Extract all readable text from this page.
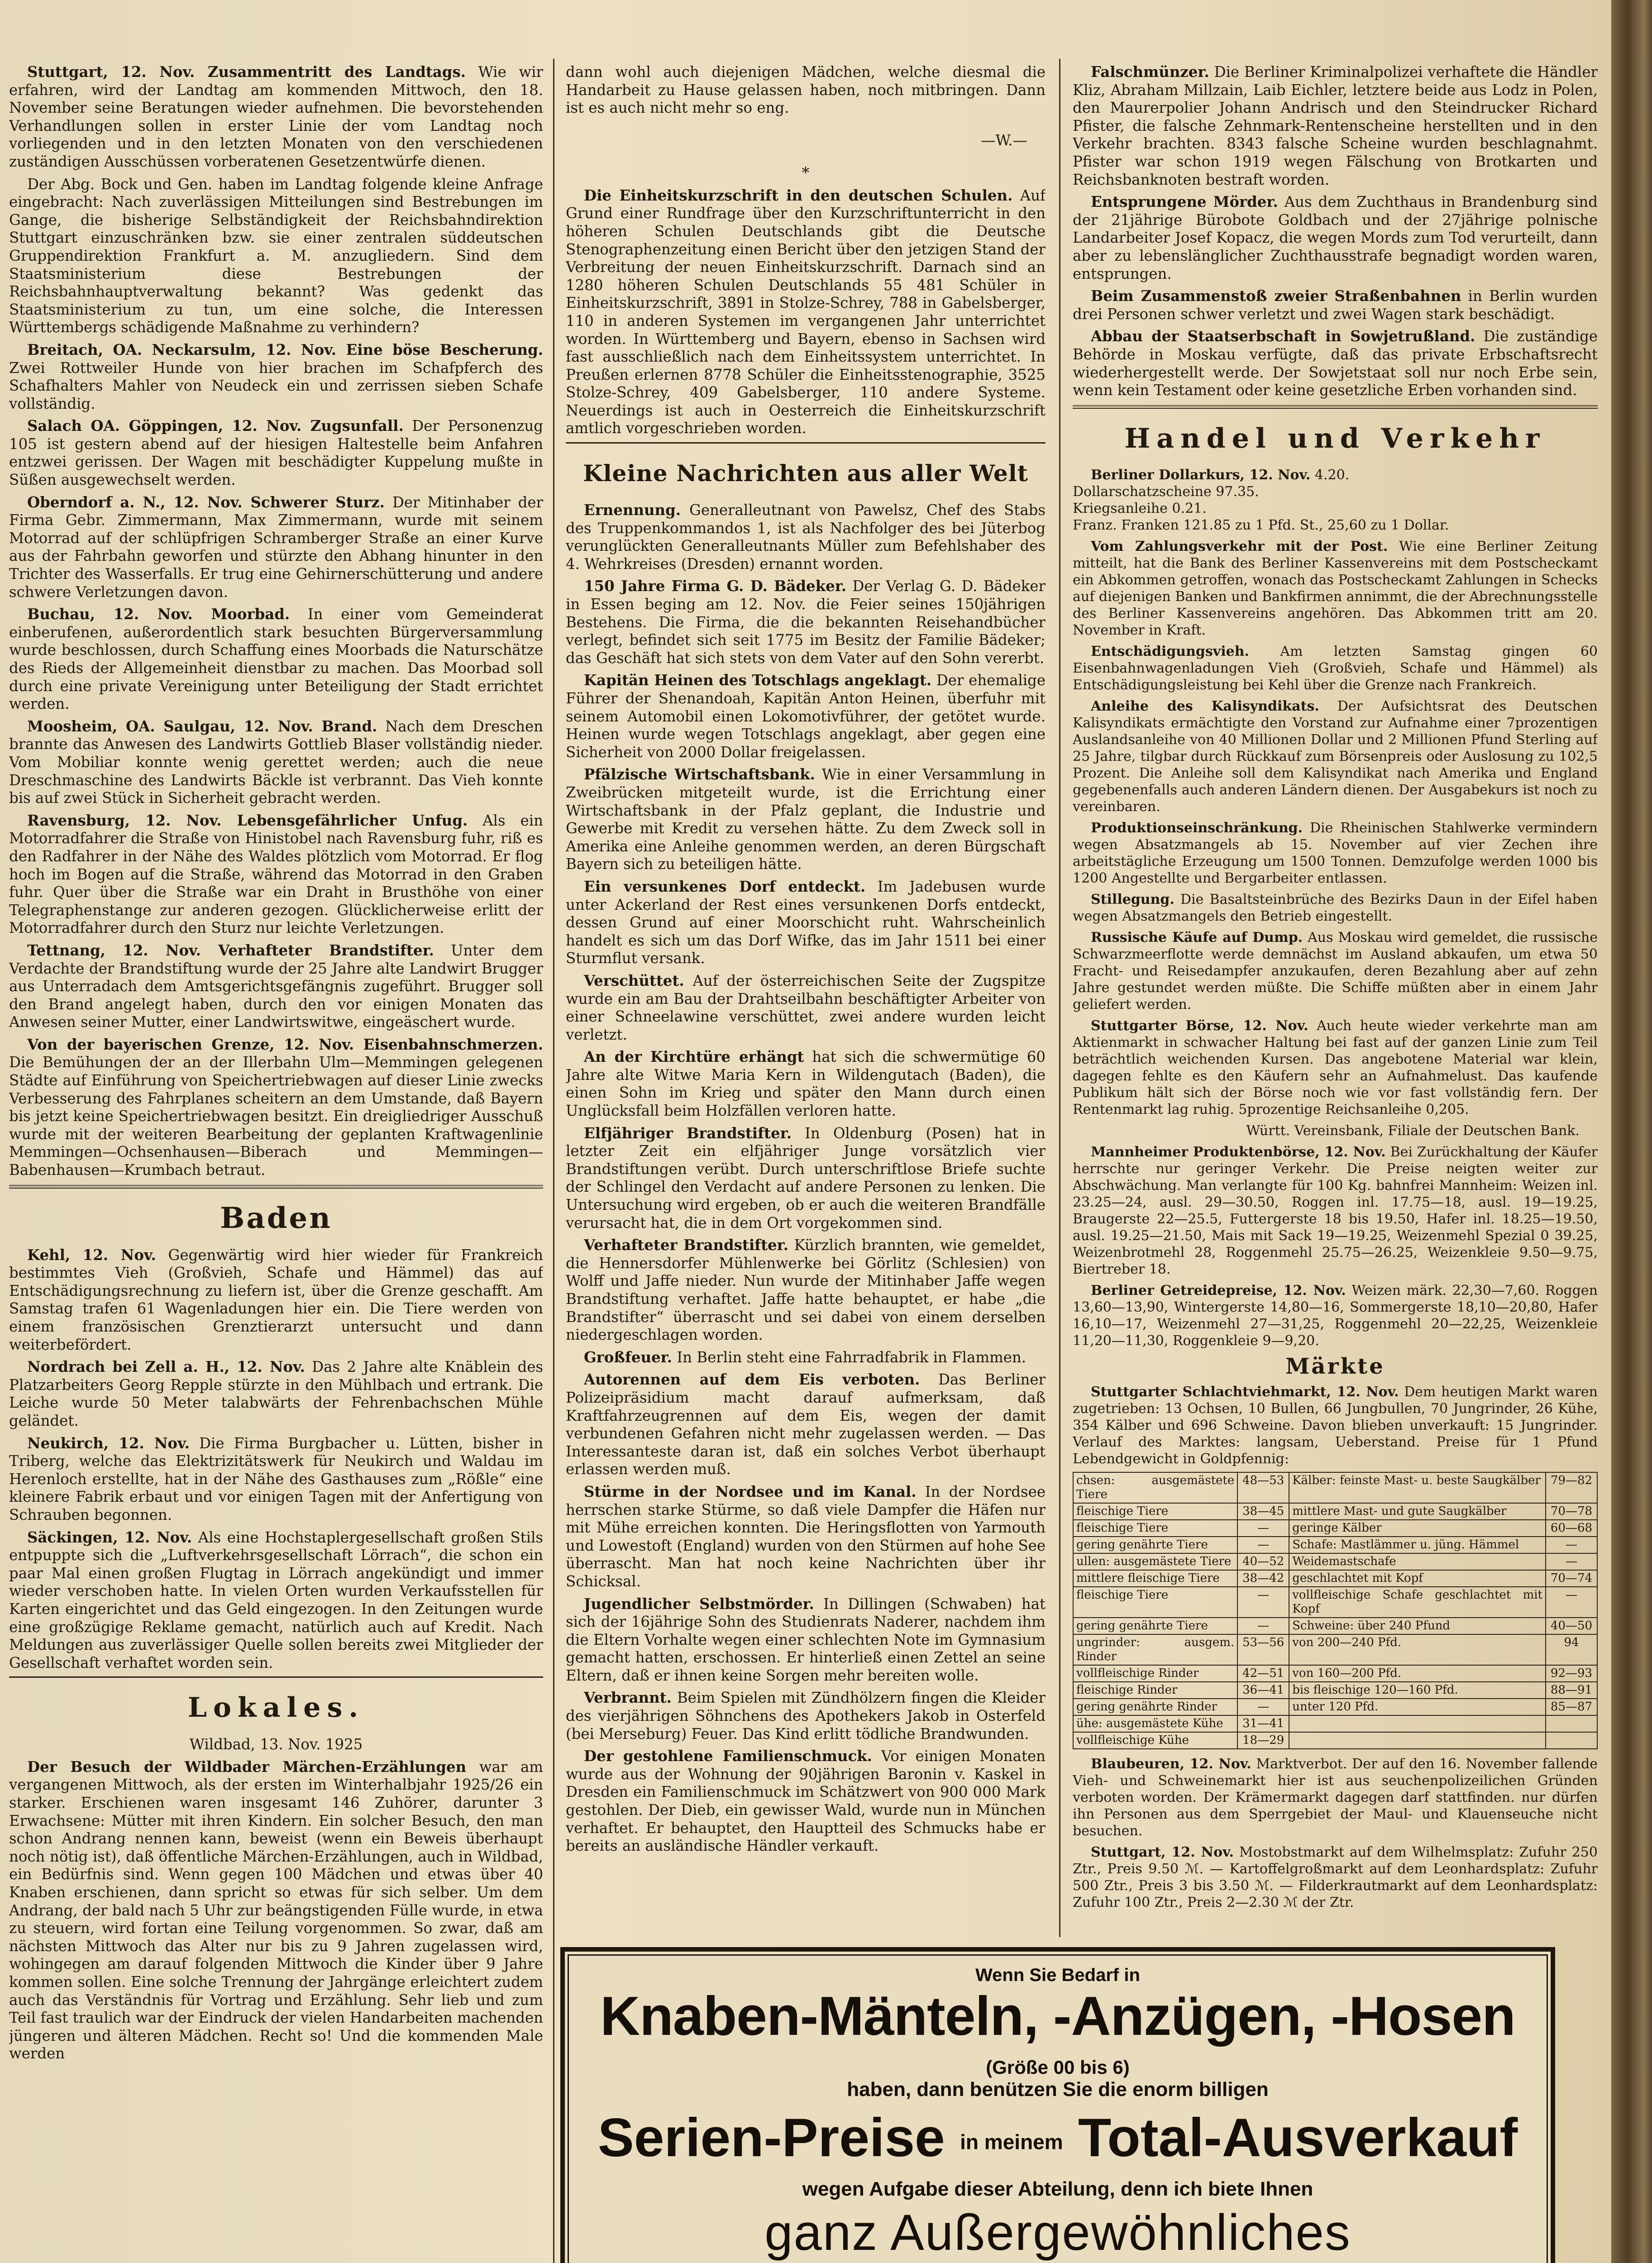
Stuttgart, 12. Nov. Zusammentritt des Landtags. Wie wir erfahren, wird der Landtag am kommenden Mittwoch, den 18. November seine Beratungen wieder aufnehmen. Die bevorstehenden Verhandlungen sollen in erster Linie der vom Landtag noch vorliegenden und in den letzten Monaten von den verschiedenen zuständigen Ausschüssen vorberatenen Gesetzentwürfe dienen.

Der Abg. Bock und Gen. haben im Landtag folgende kleine Anfrage eingebracht: Nach zuverlässigen Mitteilungen sind Bestrebungen im Gange, die bisherige Selbständigkeit der Reichsbahndirektion Stuttgart einzuschränken bzw. sie einer zentralen süddeutschen Gruppendirektion Frankfurt a. M. anzugliedern. Sind dem Staatsministerium diese Bestrebungen der Reichsbahnhauptverwaltung bekannt? Was gedenkt das Staatsministerium zu tun, um eine solche, die Interessen Württembergs schädigende Maßnahme zu verhindern?

Breitach, OA. Neckarsulm, 12. Nov. Eine böse Bescherung. Zwei Rottweiler Hunde von hier brachen im Schafpferch des Schafhalters Mahler von Neudeck ein und zerrissen sieben Schafe vollständig.

Salach OA. Göppingen, 12. Nov. Zugsunfall. Der Personenzug 105 ist gestern abend auf der hiesigen Haltestelle beim Anfahren entzwei gerissen. Der Wagen mit beschädigter Kuppelung mußte in Süßen ausgewechselt werden.

Oberndorf a. N., 12. Nov. Schwerer Sturz. Der Mitinhaber der Firma Gebr. Zimmermann, Max Zimmermann, wurde mit seinem Motorrad auf der schlüpfrigen Schramberger Straße an einer Kurve aus der Fahrbahn geworfen und stürzte den Abhang hinunter in den Trichter des Wasserfalls. Er trug eine Gehirnerschütterung und andere schwere Verletzungen davon.

Buchau, 12. Nov. Moorbad. In einer vom Gemeinderat einberufenen, außerordentlich stark besuchten Bürgerversammlung wurde beschlossen, durch Schaffung eines Moorbads die Naturschätze des Rieds der Allgemeinheit dienstbar zu machen. Das Moorbad soll durch eine private Vereinigung unter Beteiligung der Stadt errichtet werden.

Moosheim, OA. Saulgau, 12. Nov. Brand. Nach dem Dreschen brannte das Anwesen des Landwirts Gottlieb Blaser vollständig nieder. Vom Mobiliar konnte wenig gerettet werden; auch die neue Dreschmaschine des Landwirts Bäckle ist verbrannt. Das Vieh konnte bis auf zwei Stück in Sicherheit gebracht werden.

Ravensburg, 12. Nov. Lebensgefährlicher Unfug. Als ein Motorradfahrer die Straße von Hinistobel nach Ravensburg fuhr, riß es den Radfahrer in der Nähe des Waldes plötzlich vom Motorrad. Er flog hoch im Bogen auf die Straße, während das Motorrad in den Graben fuhr. Quer über die Straße war ein Draht in Brusthöhe von einer Telegraphenstange zur anderen gezogen. Glücklicherweise erlitt der Motorradfahrer durch den Sturz nur leichte Verletzungen.

Tettnang, 12. Nov. Verhafteter Brandstifter. Unter dem Verdachte der Brandstiftung wurde der 25 Jahre alte Landwirt Brugger aus Unterradach dem Amtsgerichtsgefängnis zugeführt. Brugger soll den Brand angelegt haben, durch den vor einigen Monaten das Anwesen seiner Mutter, einer Landwirtswitwe, eingeäschert wurde.

Von der bayerischen Grenze, 12. Nov. Eisenbahnschmerzen. Die Bemühungen der an der Illerbahn Ulm—Memmingen gelegenen Städte auf Einführung von Speichertriebwagen auf dieser Linie zwecks Verbesserung des Fahrplanes scheitern an dem Umstande, daß Bayern bis jetzt keine Speichertriebwagen besitzt. Ein dreigliedriger Ausschuß wurde mit der weiteren Bearbeitung der geplanten Kraftwagenlinie Memmingen—Ochsenhausen—Biberach und Memmingen—Babenhausen—Krumbach betraut.

Baden

Kehl, 12. Nov. Gegenwärtig wird hier wieder für Frankreich bestimmtes Vieh (Großvieh, Schafe und Hämmel) das auf Entschädigungsrechnung zu liefern ist, über die Grenze geschafft. Am Samstag trafen 61 Wagenladungen hier ein. Die Tiere werden von einem französischen Grenztierarzt untersucht und dann weiterbefördert.

Nordrach bei Zell a. H., 12. Nov. Das 2 Jahre alte Knäblein des Platzarbeiters Georg Repple stürzte in den Mühlbach und ertrank. Die Leiche wurde 50 Meter talabwärts der Fehrenbachschen Mühle geländet.

Neukirch, 12. Nov. Die Firma Burgbacher u. Lütten, bisher in Triberg, welche das Elektrizitätswerk für Neukirch und Waldau im Herenloch erstellte, hat in der Nähe des Gasthauses zum „Rößle“ eine kleinere Fabrik erbaut und vor einigen Tagen mit der Anfertigung von Schrauben begonnen.

Säckingen, 12. Nov. Als eine Hochstaplergesellschaft großen Stils entpuppte sich die „Luftverkehrsgesellschaft Lörrach“, die schon ein paar Mal einen großen Flugtag in Lörrach angekündigt und immer wieder verschoben hatte. In vielen Orten wurden Verkaufsstellen für Karten eingerichtet und das Geld eingezogen. In den Zeitungen wurde eine großzügige Reklame gemacht, natürlich auch auf Kredit. Nach Meldungen aus zuverlässiger Quelle sollen bereits zwei Mitglieder der Gesellschaft verhaftet worden sein.

Lokales.

Wildbad, 13. Nov. 1925

Der Besuch der Wildbader Märchen-Erzählungen war am vergangenen Mittwoch, als der ersten im Winterhalbjahr 1925/26 ein starker. Erschienen waren insgesamt 146 Zuhörer, darunter 3 Erwachsene: Mütter mit ihren Kindern. Ein solcher Besuch, den man schon Andrang nennen kann, beweist (wenn ein Beweis überhaupt noch nötig ist), daß öffentliche Märchen-Erzählungen, auch in Wildbad, ein Bedürfnis sind. Wenn gegen 100 Mädchen und etwas über 40 Knaben erschienen, dann spricht so etwas für sich selber. Um dem Andrang, der bald nach 5 Uhr zur beängstigenden Fülle wurde, in etwa zu steuern, wird fortan eine Teilung vorgenommen. So zwar, daß am nächsten Mittwoch das Alter nur bis zu 9 Jahren zugelassen wird, wohingegen am darauf folgenden Mittwoch die Kinder über 9 Jahre kommen sollen. Eine solche Trennung der Jahrgänge erleichtert zudem auch das Verständnis für Vortrag und Erzählung. Sehr lieb und zum Teil fast traulich war der Eindruck der vielen Handarbeiten machenden jüngeren und älteren Mädchen. Recht so! Und die kommenden Male werden

dann wohl auch diejenigen Mädchen, welche diesmal die Handarbeit zu Hause gelassen haben, noch mitbringen. Dann ist es auch nicht mehr so eng.

—W.—

*

Die Einheitskurzschrift in den deutschen Schulen. Auf Grund einer Rundfrage über den Kurzschriftunterricht in den höheren Schulen Deutschlands gibt die Deutsche Stenographenzeitung einen Bericht über den jetzigen Stand der Verbreitung der neuen Einheitskurzschrift. Darnach sind an 1280 höheren Schulen Deutschlands 55 481 Schüler in Einheitskurzschrift, 3891 in Stolze-Schrey, 788 in Gabelsberger, 110 in anderen Systemen im vergangenen Jahr unterrichtet worden. In Württemberg und Bayern, ebenso in Sachsen wird fast ausschließlich nach dem Einheitssystem unterrichtet. In Preußen erlernen 8778 Schüler die Einheitsstenographie, 3525 Stolze-Schrey, 409 Gabelsberger, 110 andere Systeme. Neuerdings ist auch in Oesterreich die Einheitskurzschrift amtlich vorgeschrieben worden.

Kleine Nachrichten aus aller Welt

Ernennung. Generalleutnant von Pawelsz, Chef des Stabs des Truppenkommandos 1, ist als Nachfolger des bei Jüterbog verunglückten Generalleutnants Müller zum Befehlshaber des 4. Wehrkreises (Dresden) ernannt worden.

150 Jahre Firma G. D. Bädeker. Der Verlag G. D. Bädeker in Essen beging am 12. Nov. die Feier seines 150jährigen Bestehens. Die Firma, die die bekannten Reisehandbücher verlegt, befindet sich seit 1775 im Besitz der Familie Bädeker; das Geschäft hat sich stets von dem Vater auf den Sohn vererbt.

Kapitän Heinen des Totschlags angeklagt. Der ehemalige Führer der Shenandoah, Kapitän Anton Heinen, überfuhr mit seinem Automobil einen Lokomotivführer, der getötet wurde. Heinen wurde wegen Totschlags angeklagt, aber gegen eine Sicherheit von 2000 Dollar freigelassen.

Pfälzische Wirtschaftsbank. Wie in einer Versammlung in Zweibrücken mitgeteilt wurde, ist die Errichtung einer Wirtschaftsbank in der Pfalz geplant, die Industrie und Gewerbe mit Kredit zu versehen hätte. Zu dem Zweck soll in Amerika eine Anleihe genommen werden, an deren Bürgschaft Bayern sich zu beteiligen hätte.

Ein versunkenes Dorf entdeckt. Im Jadebusen wurde unter Ackerland der Rest eines versunkenen Dorfs entdeckt, dessen Grund auf einer Moorschicht ruht. Wahrscheinlich handelt es sich um das Dorf Wifke, das im Jahr 1511 bei einer Sturmflut versank.

Verschüttet. Auf der österreichischen Seite der Zugspitze wurde ein am Bau der Drahtseilbahn beschäftigter Arbeiter von einer Schneelawine verschüttet, zwei andere wurden leicht verletzt.

An der Kirchtüre erhängt hat sich die schwermütige 60 Jahre alte Witwe Maria Kern in Wildengutach (Baden), die einen Sohn im Krieg und später den Mann durch einen Unglücksfall beim Holzfällen verloren hatte.

Elfjähriger Brandstifter. In Oldenburg (Posen) hat in letzter Zeit ein elfjähriger Junge vorsätzlich vier Brandstiftungen verübt. Durch unterschriftlose Briefe suchte der Schlingel den Verdacht auf andere Personen zu lenken. Die Untersuchung wird ergeben, ob er auch die weiteren Brandfälle verursacht hat, die in dem Ort vorgekommen sind.

Verhafteter Brandstifter. Kürzlich brannten, wie gemeldet, die Hennersdorfer Mühlenwerke bei Görlitz (Schlesien) von Wolff und Jaffe nieder. Nun wurde der Mitinhaber Jaffe wegen Brandstiftung verhaftet. Jaffe hatte behauptet, er habe „die Brandstifter“ überrascht und sei dabei von einem derselben niedergeschlagen worden.

Großfeuer. In Berlin steht eine Fahrradfabrik in Flammen.

Autorennen auf dem Eis verboten. Das Berliner Polizeipräsidium macht darauf aufmerksam, daß Kraftfahrzeugrennen auf dem Eis, wegen der damit verbundenen Gefahren nicht mehr zugelassen werden. — Das Interessanteste daran ist, daß ein solches Verbot überhaupt erlassen werden muß.

Stürme in der Nordsee und im Kanal. In der Nordsee herrschen starke Stürme, so daß viele Dampfer die Häfen nur mit Mühe erreichen konnten. Die Heringsflotten von Yarmouth und Lowestoft (England) wurden von den Stürmen auf hohe See überrascht. Man hat noch keine Nachrichten über ihr Schicksal.

Jugendlicher Selbstmörder. In Dillingen (Schwaben) hat sich der 16jährige Sohn des Studienrats Naderer, nachdem ihm die Eltern Vorhalte wegen einer schlechten Note im Gymnasium gemacht hatten, erschossen. Er hinterließ einen Zettel an seine Eltern, daß er ihnen keine Sorgen mehr bereiten wolle.

Verbrannt. Beim Spielen mit Zündhölzern fingen die Kleider des vierjährigen Söhnchens des Apothekers Jakob in Osterfeld (bei Merseburg) Feuer. Das Kind erlitt tödliche Brandwunden.

Der gestohlene Familienschmuck. Vor einigen Monaten wurde aus der Wohnung der 90jährigen Baronin v. Kaskel in Dresden ein Familienschmuck im Schätzwert von 900 000 Mark gestohlen. Der Dieb, ein gewisser Wald, wurde nun in München verhaftet. Er behauptet, den Hauptteil des Schmucks habe er bereits an ausländische Händler verkauft.

Falschmünzer. Die Berliner Kriminalpolizei verhaftete die Händler Kliz, Abraham Millzain, Laib Eichler, letztere beide aus Lodz in Polen, den Maurerpolier Johann Andrisch und den Steindrucker Richard Pfister, die falsche Zehnmark-Rentenscheine herstellten und in den Verkehr brachten. 8343 falsche Scheine wurden beschlagnahmt. Pfister war schon 1919 wegen Fälschung von Brotkarten und Reichsbanknoten bestraft worden.

Entsprungene Mörder. Aus dem Zuchthaus in Brandenburg sind der 21jährige Bürobote Goldbach und der 27jährige polnische Landarbeiter Josef Kopacz, die wegen Mords zum Tod verurteilt, dann aber zu lebenslänglicher Zuchthausstrafe begnadigt worden waren, entsprungen.

Beim Zusammenstoß zweier Straßenbahnen in Berlin wurden drei Personen schwer verletzt und zwei Wagen stark beschädigt.

Abbau der Staatserbschaft in Sowjetrußland. Die zuständige Behörde in Moskau verfügte, daß das private Erbschaftsrecht wiederhergestellt werde. Der Sowjetstaat soll nur noch Erbe sein, wenn kein Testament oder keine gesetzliche Erben vorhanden sind.

Handel und Verkehr

Berliner Dollarkurs, 12. Nov. 4.20.
Dollarschatzscheine 97.35.
Kriegsanleihe 0.21.
Franz. Franken 121.85 zu 1 Pfd. St., 25,60 zu 1 Dollar.

Vom Zahlungsverkehr mit der Post. Wie eine Berliner Zeitung mitteilt, hat die Bank des Berliner Kassenvereins mit dem Postscheckamt ein Abkommen getroffen, wonach das Postscheckamt Zahlungen in Schecks auf diejenigen Banken und Bankfirmen annimmt, die der Abrechnungsstelle des Berliner Kassenvereins angehören. Das Abkommen tritt am 20. November in Kraft.

Entschädigungsvieh. Am letzten Samstag gingen 60 Eisenbahnwagenladungen Vieh (Großvieh, Schafe und Hämmel) als Entschädigungsleistung bei Kehl über die Grenze nach Frankreich.

Anleihe des Kalisyndikats. Der Aufsichtsrat des Deutschen Kalisyndikats ermächtigte den Vorstand zur Aufnahme einer 7prozentigen Auslandsanleihe von 40 Millionen Dollar und 2 Millionen Pfund Sterling auf 25 Jahre, tilgbar durch Rückkauf zum Börsenpreis oder Auslosung zu 102,5 Prozent. Die Anleihe soll dem Kalisyndikat nach Amerika und England gegebenenfalls auch anderen Ländern dienen. Der Ausgabekurs ist noch zu vereinbaren.

Produktionseinschränkung. Die Rheinischen Stahlwerke vermindern wegen Absatzmangels ab 15. November auf vier Zechen ihre arbeitstägliche Erzeugung um 1500 Tonnen. Demzufolge werden 1000 bis 1200 Angestellte und Bergarbeiter entlassen.

Stillegung. Die Basaltsteinbrüche des Bezirks Daun in der Eifel haben wegen Absatzmangels den Betrieb eingestellt.

Russische Käufe auf Dump. Aus Moskau wird gemeldet, die russische Schwarzmeerflotte werde demnächst im Ausland abkaufen, um etwa 50 Fracht- und Reisedampfer anzukaufen, deren Bezahlung aber auf zehn Jahre gestundet werden müßte. Die Schiffe müßten aber in einem Jahr geliefert werden.

Stuttgarter Börse, 12. Nov. Auch heute wieder verkehrte man am Aktienmarkt in schwacher Haltung bei fast auf der ganzen Linie zum Teil beträchtlich weichenden Kursen. Das angebotene Material war klein, dagegen fehlte es den Käufern sehr an Aufnahmelust. Das kaufende Publikum hält sich der Börse noch wie vor fast vollständig fern. Der Rentenmarkt lag ruhig. 5prozentige Reichsanleihe 0,205.

Württ. Vereinsbank, Filiale der Deutschen Bank.

Mannheimer Produktenbörse, 12. Nov. Bei Zurückhaltung der Käufer herrschte nur geringer Verkehr. Die Preise neigten weiter zur Abschwächung. Man verlangte für 100 Kg. bahnfrei Mannheim: Weizen inl. 23.25—24, ausl. 29—30.50, Roggen inl. 17.75—18, ausl. 19—19.25, Braugerste 22—25.5, Futtergerste 18 bis 19.50, Hafer inl. 18.25—19.50, ausl. 19.25—21.50, Mais mit Sack 19—19.25, Weizenmehl Spezial 0 39.25, Weizenbrotmehl 28, Roggenmehl 25.75—26.25, Weizenkleie 9.50—9.75, Biertreber 18.

Berliner Getreidepreise, 12. Nov. Weizen märk. 22,30—7,60. Roggen 13,60—13,90, Wintergerste 14,80—16, Sommergerste 18,10—20,80, Hafer 16,10—17, Weizenmehl 27—31,25, Roggenmehl 20—22,25, Weizenkleie 11,20—11,30, Roggenkleie 9—9,20.

Märkte

Stuttgarter Schlachtviehmarkt, 12. Nov. Dem heutigen Markt waren zugetrieben: 13 Ochsen, 10 Bullen, 66 Jungbullen, 70 Jungrinder, 26 Kühe, 354 Kälber und 696 Schweine. Davon blieben unverkauft: 15 Jungrinder. Verlauf des Marktes: langsam, Ueberstand. Preise für 1 Pfund Lebendgewicht in Goldpfennig:

chsen: ausgemästete Tiere	48—53	Kälber: feinste Mast- u. beste Saugkälber	79—82
fleischige Tiere	38—45	mittlere Mast- und gute Saugkälber	70—78
fleischige Tiere	—	geringe Kälber	60—68
gering genährte Tiere	—	Schafe: Mastlämmer u. jüng. Hämmel	—
ullen: ausgemästete Tiere	40—52	Weidemastschafe	—
mittlere fleischige Tiere	38—42	geschlachtet mit Kopf	70—74
fleischige Tiere	—	vollfleischige Schafe geschlachtet mit Kopf	—
gering genährte Tiere	—	Schweine: über 240 Pfund	40—50
ungrinder: ausgem. Rinder	53—56	von 200—240 Pfd.	94
vollfleischige Rinder	42—51	von 160—200 Pfd.	92—93
fleischige Rinder	36—41	bis fleischige 120—160 Pfd.	88—91
gering genährte Rinder	—	unter 120 Pfd.	85—87
ühe: ausgemästete Kühe	31—41		
vollfleischige Kühe	18—29		

Blaubeuren, 12. Nov. Marktverbot. Der auf den 16. November fallende Vieh- und Schweinemarkt hier ist aus seuchenpolizeilichen Gründen verboten worden. Der Krämermarkt dagegen darf stattfinden. nur dürfen ihn Personen aus dem Sperrgebiet der Maul- und Klauenseuche nicht besuchen.

Stuttgart, 12. Nov. Mostobstmarkt auf dem Wilhelmsplatz: Zufuhr 250 Ztr., Preis 9.50 ℳ. — Kartoffelgroßmarkt auf dem Leonhardsplatz: Zufuhr 500 Ztr., Preis 3 bis 3.50 ℳ. — Filderkrautmarkt auf dem Leonhardsplatz: Zufuhr 100 Ztr., Preis 2—2.30 ℳ der Ztr.

Wenn Sie Bedarf in
Knaben-Mänteln, -Anzügen, -Hosen
(Größe 00 bis 6)
haben, dann benützen Sie die enorm billigen
Serien-Preise in meinem Total-Ausverkauf
wegen Aufgabe dieser Abteilung, denn ich biete Ihnen
ganz Außergewöhnliches
